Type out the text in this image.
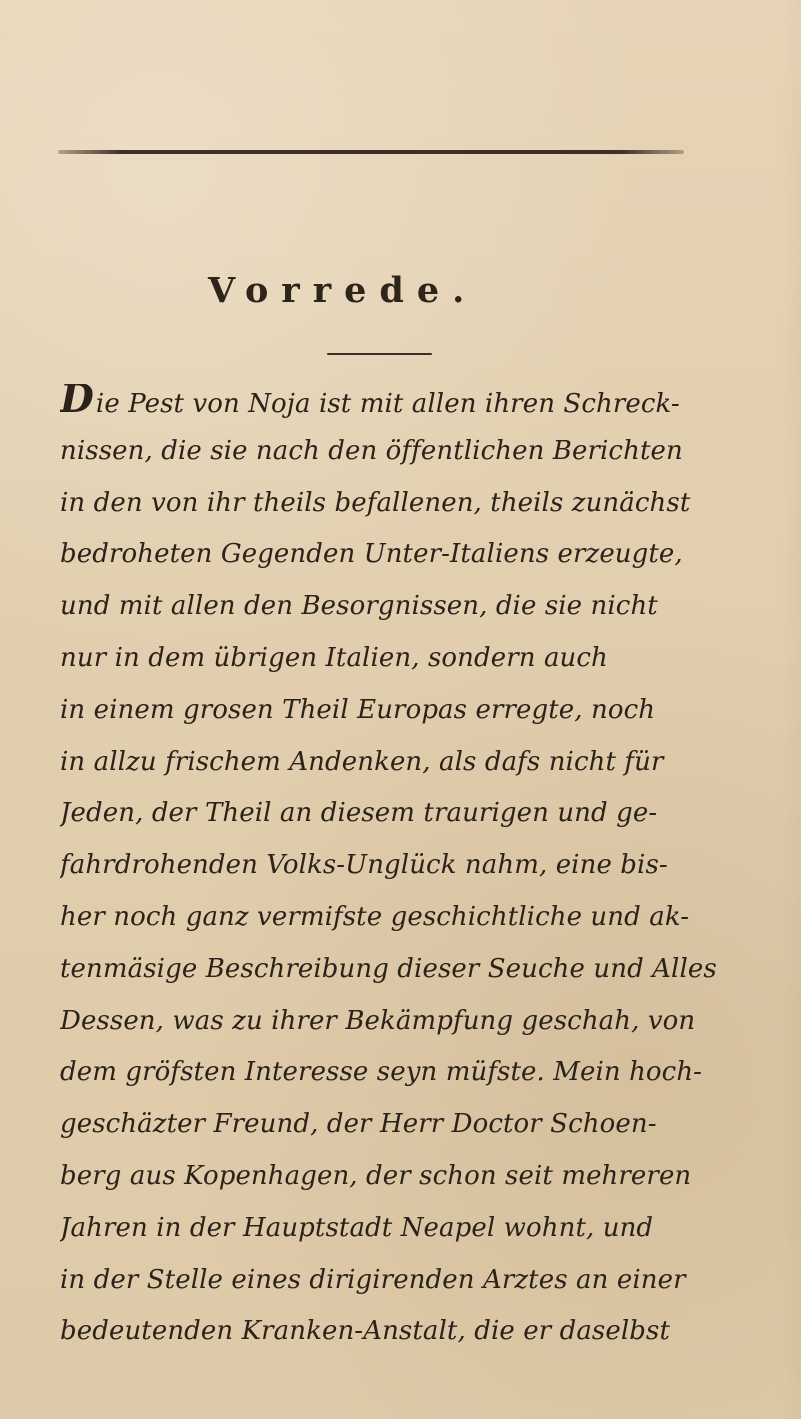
Vorrede.
D ie Pest von Noja ist mit allen ihren Schreck-
nissen, die sie nach den öffentlichen Berichten
in den von ihr theils befallenen, theils zunächst
bedroheten Gegenden Unter-Italiens erzeugte,
und mit allen den Besorgnissen, die sie nicht
nur in dem übrigen Italien, sondern auch
in einem grosen Theil Europas erregte, noch
in allzu frischem Andenken, als dafs nicht für
Jeden, der Theil an diesem traurigen und ge-
fahrdrohenden Volks-Unglück nahm, eine bis-
her noch ganz vermifste geschichtliche und ak-
tenmäsige Beschreibung dieser Seuche und Alles
Dessen, was zu ihrer Bekämpfung geschah, von
dem gröfsten Interesse seyn müfste. Mein hoch-
geschäzter Freund, der Herr Doctor Schoen-
berg aus Kopenhagen, der schon seit mehreren
Jahren in der Hauptstadt Neapel wohnt, und
in der Stelle eines dirigirenden Arztes an einer
bedeutenden Kranken-Anstalt, die er daselbst
